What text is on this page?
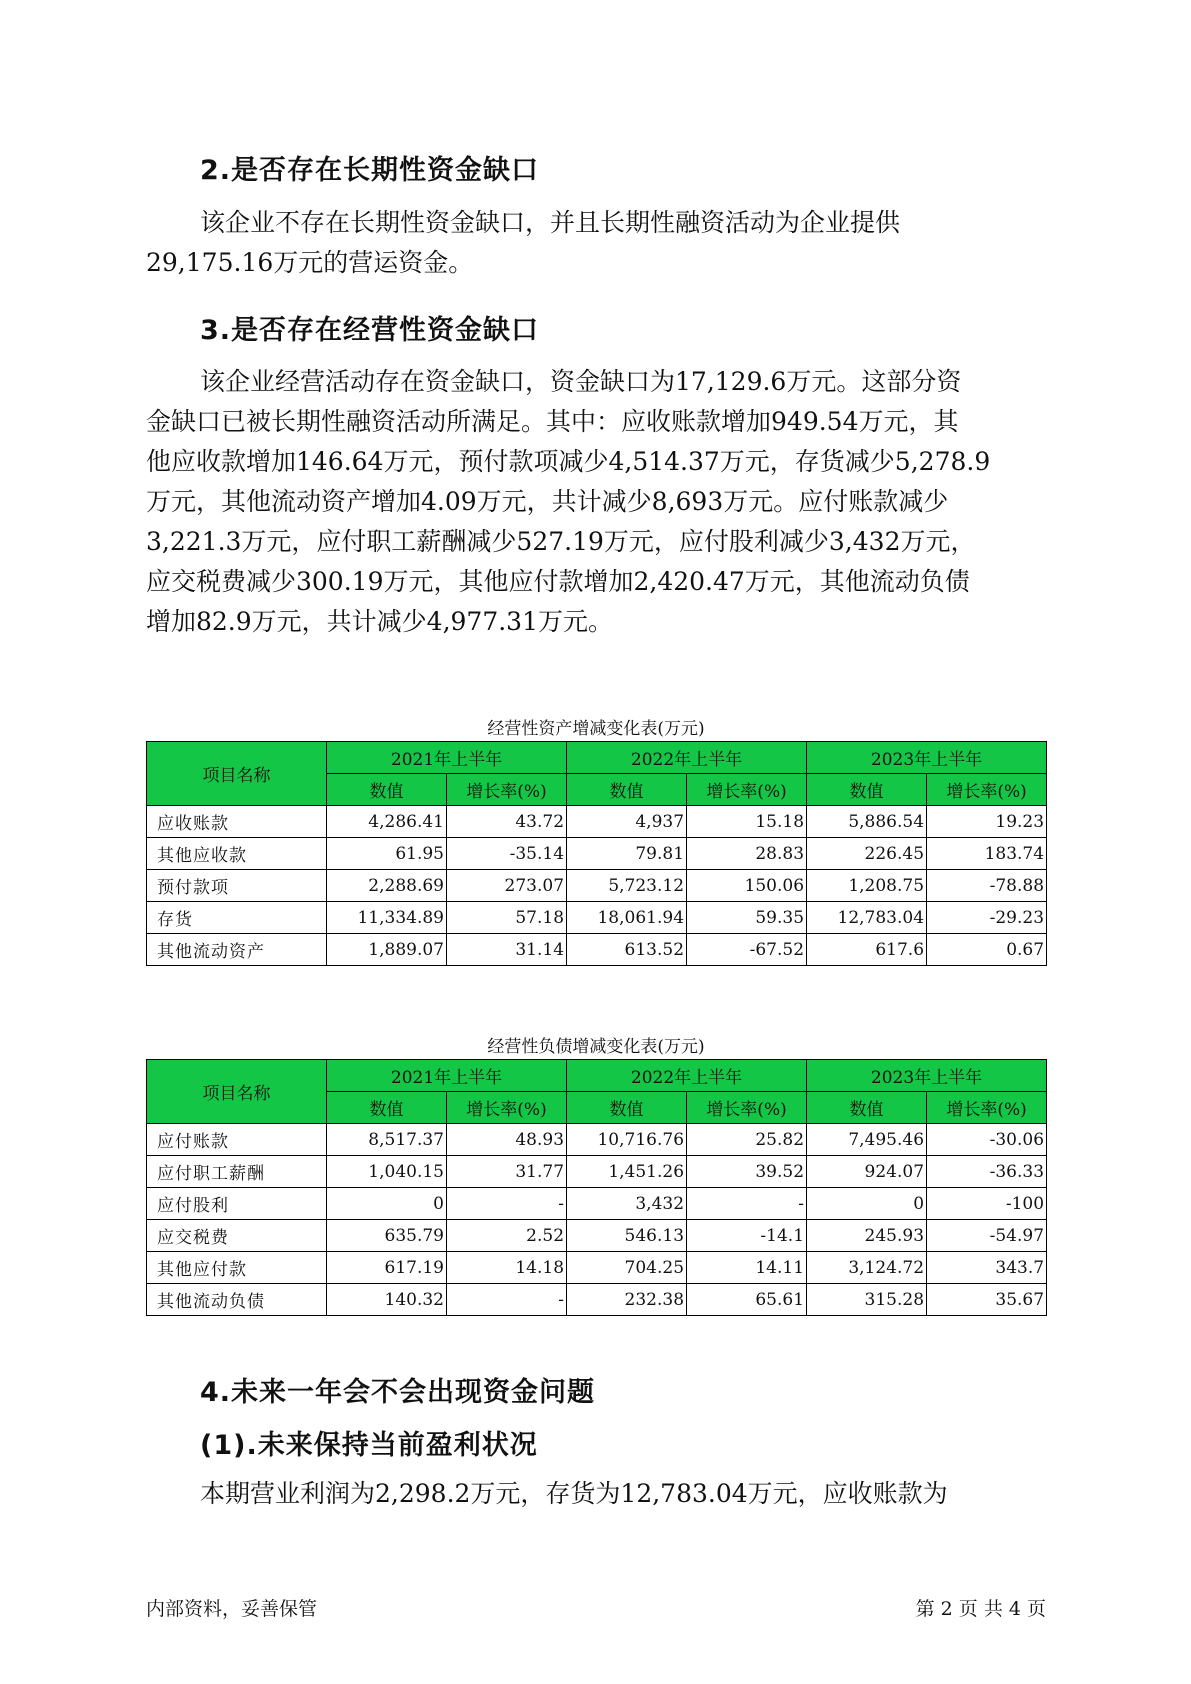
2.是否存在长期性资金缺口
该企业不存在长期性资金缺口，并且长期性融资活动为企业提供
29,175.16万元的营运资金。
3.是否存在经营性资金缺口
该企业经营活动存在资金缺口，资金缺口为17,129.6万元。这部分资
金缺口已被长期性融资活动所满足。其中：应收账款增加949.54万元，其
他应收款增加146.64万元，预付款项减少4,514.37万元，存货减少5,278.9
万元，其他流动资产增加4.09万元，共计减少8,693万元。应付账款减少
3,221.3万元，应付职工薪酬减少527.19万元，应付股利减少3,432万元，
应交税费减少300.19万元，其他应付款增加2,420.47万元，其他流动负债
增加82.9万元，共计减少4,977.31万元。
经营性资产增减变化表(万元)
项目名称	2021年上半年		2022年上半年		2023年上半年	
	数值	增长率(%)	数值	增长率(%)	数值	增长率(%)
应收账款	4,286.41	43.72	4,937	15.18	5,886.54	19.23
其他应收款	61.95	-35.14	79.81	28.83	226.45	183.74
预付款项	2,288.69	273.07	5,723.12	150.06	1,208.75	-78.88
存货	11,334.89	57.18	18,061.94	59.35	12,783.04	-29.23
其他流动资产	1,889.07	31.14	613.52	-67.52	617.6	0.67
经营性负债增减变化表(万元)
项目名称	2021年上半年		2022年上半年		2023年上半年	
	数值	增长率(%)	数值	增长率(%)	数值	增长率(%)
应付账款	8,517.37	48.93	10,716.76	25.82	7,495.46	-30.06
应付职工薪酬	1,040.15	31.77	1,451.26	39.52	924.07	-36.33
应付股利	0	-	3,432	-	0	-100
应交税费	635.79	2.52	546.13	-14.1	245.93	-54.97
其他应付款	617.19	14.18	704.25	14.11	3,124.72	343.7
其他流动负债	140.32	-	232.38	65.61	315.28	35.67
4.未来一年会不会出现资金问题
(1).未来保持当前盈利状况
本期营业利润为2,298.2万元，存货为12,783.04万元，应收账款为
内部资料，妥善保管	第 2 页 共 4 页
